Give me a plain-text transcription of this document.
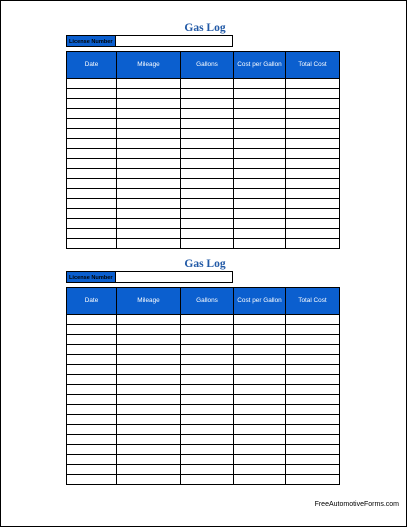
Gas Log
License Number
Date	Mileage	Gallons	Cost per Gallon	Total Cost

Gas Log
License Number
Date	Mileage	Gallons	Cost per Gallon	Total Cost

FreeAutomotiveForms.com
